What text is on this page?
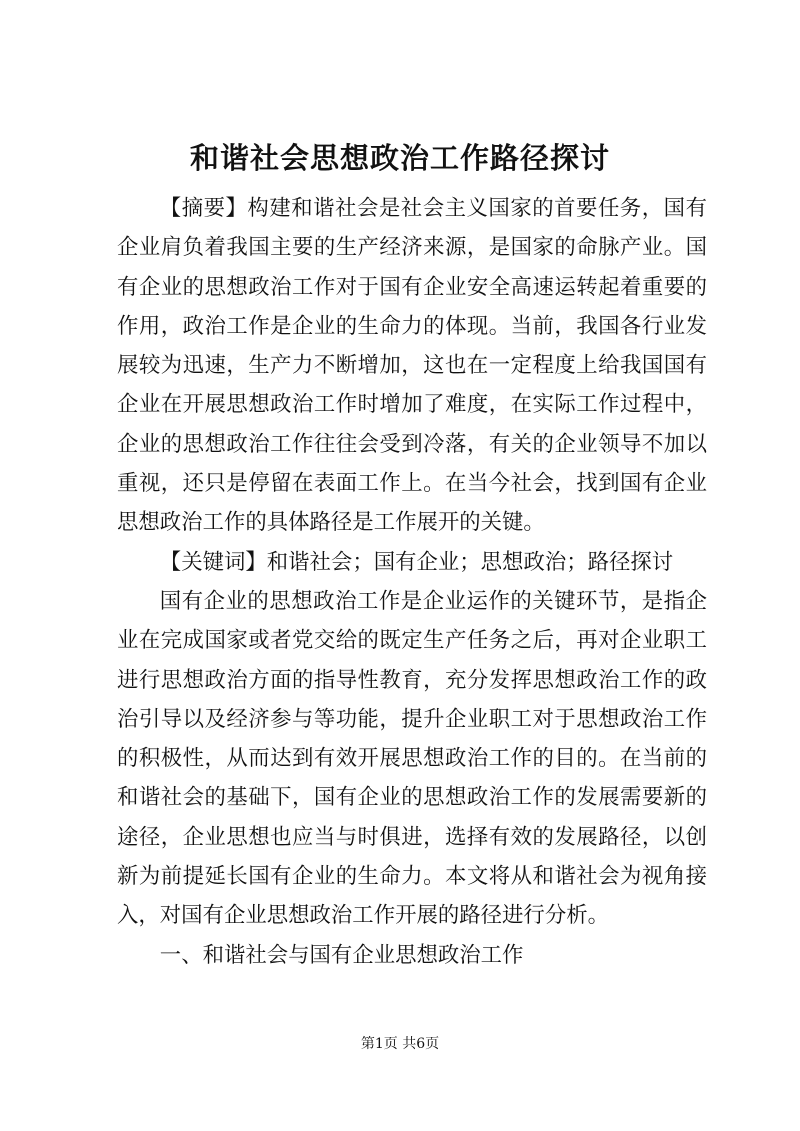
和谐社会思想政治工作路径探讨

【摘要】构建和谐社会是社会主义国家的首要任务，国有企业肩负着我国主要的生产经济来源，是国家的命脉产业。国有企业的思想政治工作对于国有企业安全高速运转起着重要的作用，政治工作是企业的生命力的体现。当前，我国各行业发展较为迅速，生产力不断增加，这也在一定程度上给我国国有企业在开展思想政治工作时增加了难度，在实际工作过程中，企业的思想政治工作往往会受到冷落，有关的企业领导不加以重视，还只是停留在表面工作上。在当今社会，找到国有企业思想政治工作的具体路径是工作展开的关键。

【关键词】和谐社会；国有企业；思想政治；路径探讨

国有企业的思想政治工作是企业运作的关键环节，是指企业在完成国家或者党交给的既定生产任务之后，再对企业职工进行思想政治方面的指导性教育，充分发挥思想政治工作的政治引导以及经济参与等功能，提升企业职工对于思想政治工作的积极性，从而达到有效开展思想政治工作的目的。在当前的和谐社会的基础下，国有企业的思想政治工作的发展需要新的途径，企业思想也应当与时俱进，选择有效的发展路径，以创新为前提延长国有企业的生命力。本文将从和谐社会为视角接入，对国有企业思想政治工作开展的路径进行分析。

一、和谐社会与国有企业思想政治工作

第1页 共6页
